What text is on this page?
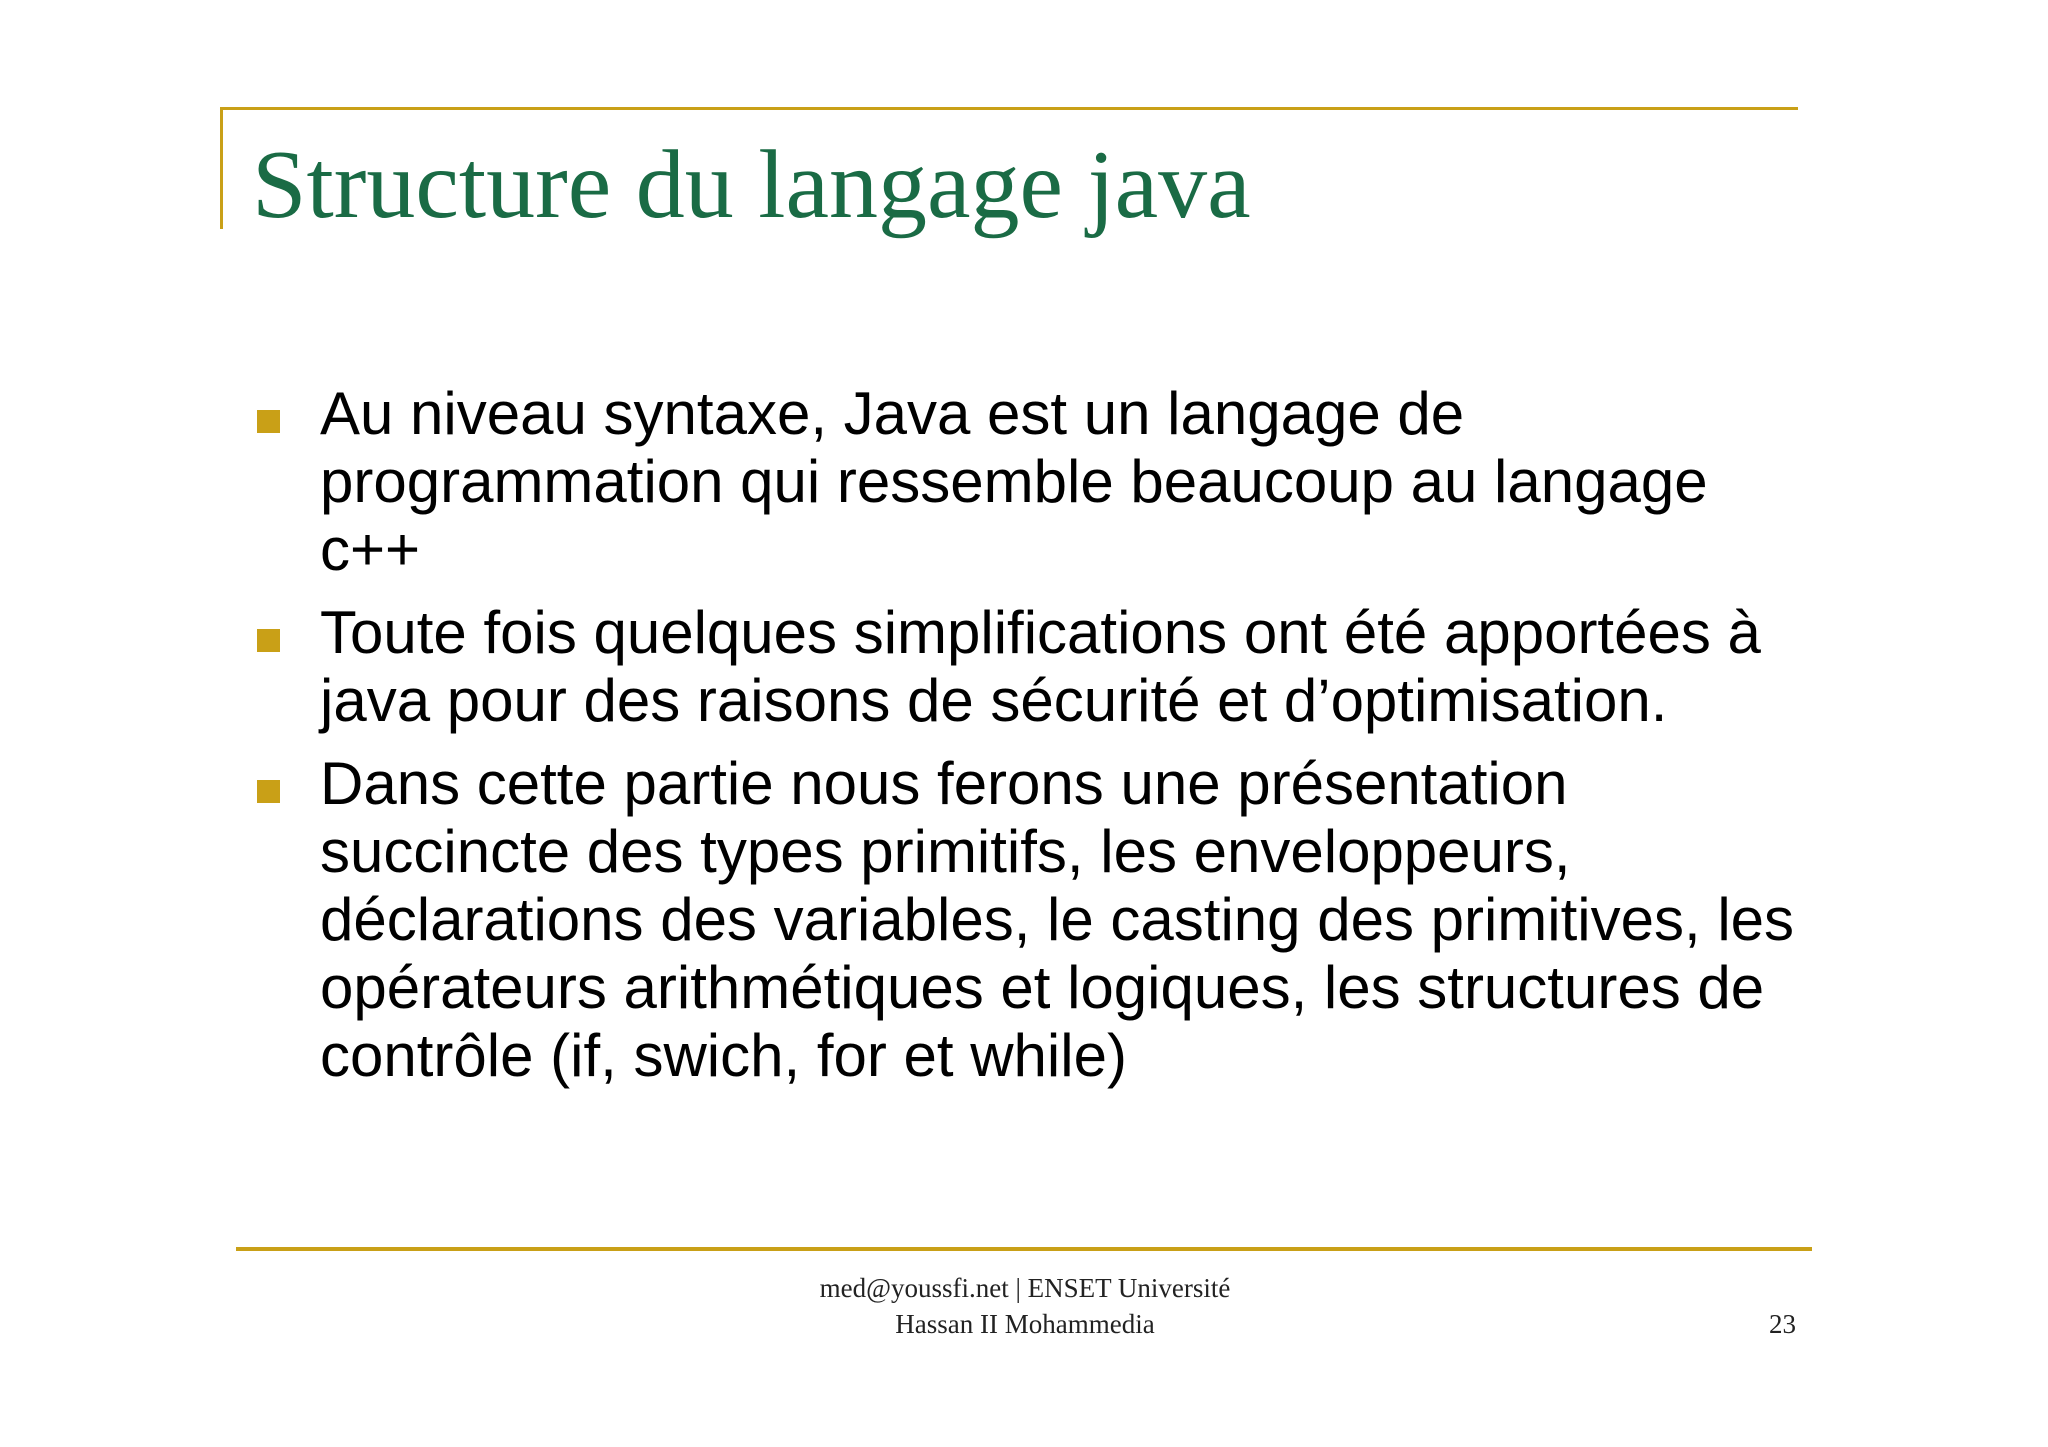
Structure du langage java
Au niveau syntaxe, Java est un langage de programmation qui ressemble beaucoup au langage c++
Toute fois quelques simplifications ont été apportées à java pour des raisons de sécurité et d’optimisation.
Dans cette partie nous ferons une présentation succincte des types primitifs, les enveloppeurs, déclarations des variables, le casting des primitives, les opérateurs arithmétiques et logiques, les structures de contrôle (if, swich, for et while)
med@youssfi.net | ENSET Université
Hassan II Mohammedia	23
